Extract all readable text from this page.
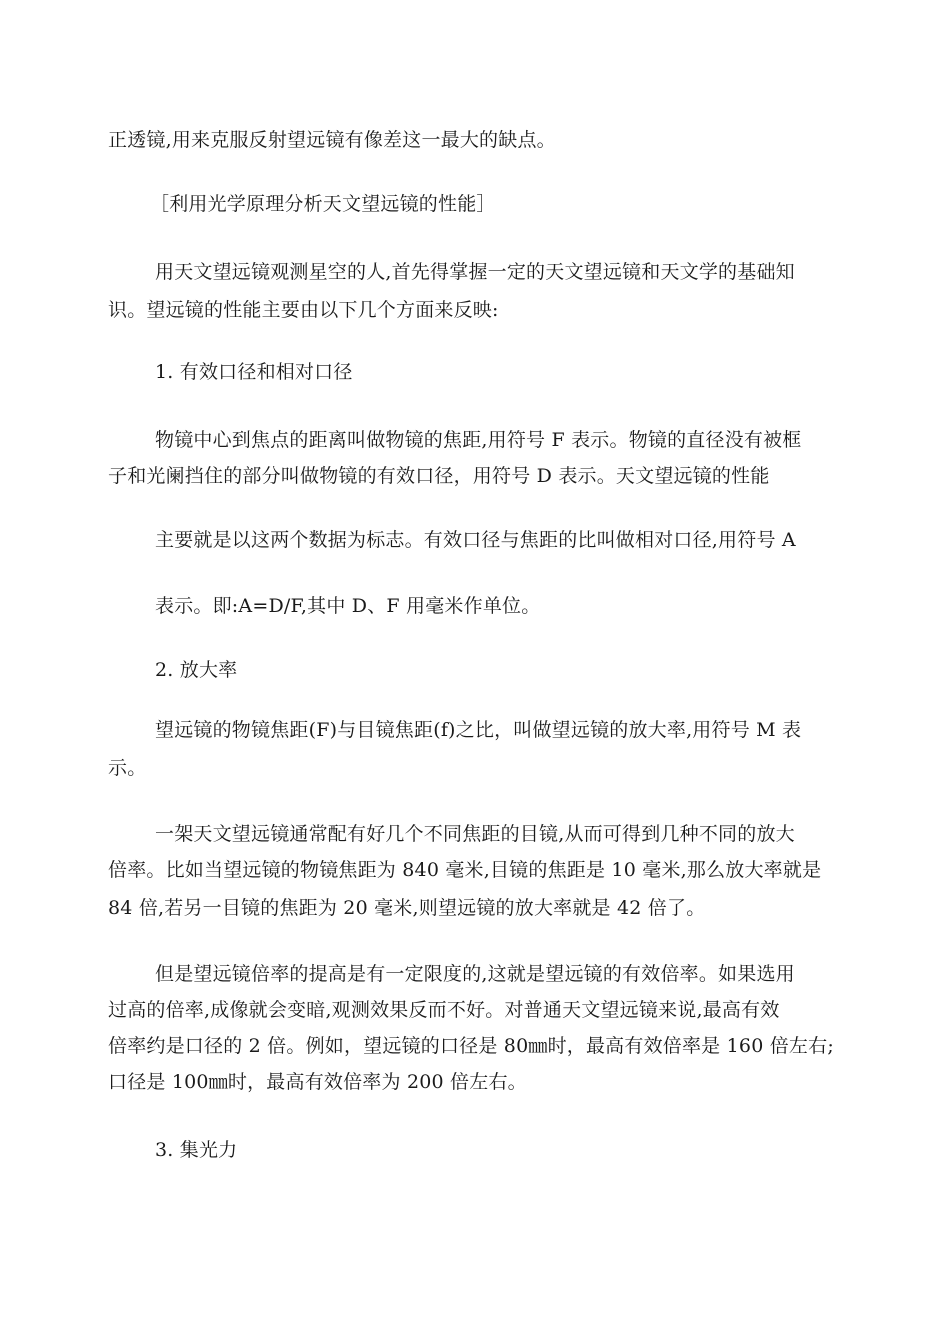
正透镜,用来克服反射望远镜有像差这一最大的缺点。
［利用光学原理分析天文望远镜的性能］
用天文望远镜观测星空的人,首先得掌握一定的天文望远镜和天文学的基础知
识。望远镜的性能主要由以下几个方面来反映:
1. 有效口径和相对口径
物镜中心到焦点的距离叫做物镜的焦距,用符号 F 表示。物镜的直径没有被框
子和光阑挡住的部分叫做物镜的有效口径，用符号 D 表示。天文望远镜的性能
主要就是以这两个数据为标志。有效口径与焦距的比叫做相对口径,用符号 A
表示。即:A=D/F,其中 D、F 用毫米作单位。
2. 放大率
望远镜的物镜焦距(F)与目镜焦距(f)之比，叫做望远镜的放大率,用符号 M 表
示。
一架天文望远镜通常配有好几个不同焦距的目镜,从而可得到几种不同的放大
倍率。比如当望远镜的物镜焦距为 840 毫米,目镜的焦距是 10 毫米,那么放大率就是
84 倍,若另一目镜的焦距为 20 毫米,则望远镜的放大率就是 42 倍了。
但是望远镜倍率的提高是有一定限度的,这就是望远镜的有效倍率。如果选用
过高的倍率,成像就会变暗,观测效果反而不好。对普通天文望远镜来说,最高有效
倍率约是口径的 2 倍。例如，望远镜的口径是 80㎜时，最高有效倍率是 160 倍左右;
口径是 100㎜时，最高有效倍率为 200 倍左右。
3. 集光力
